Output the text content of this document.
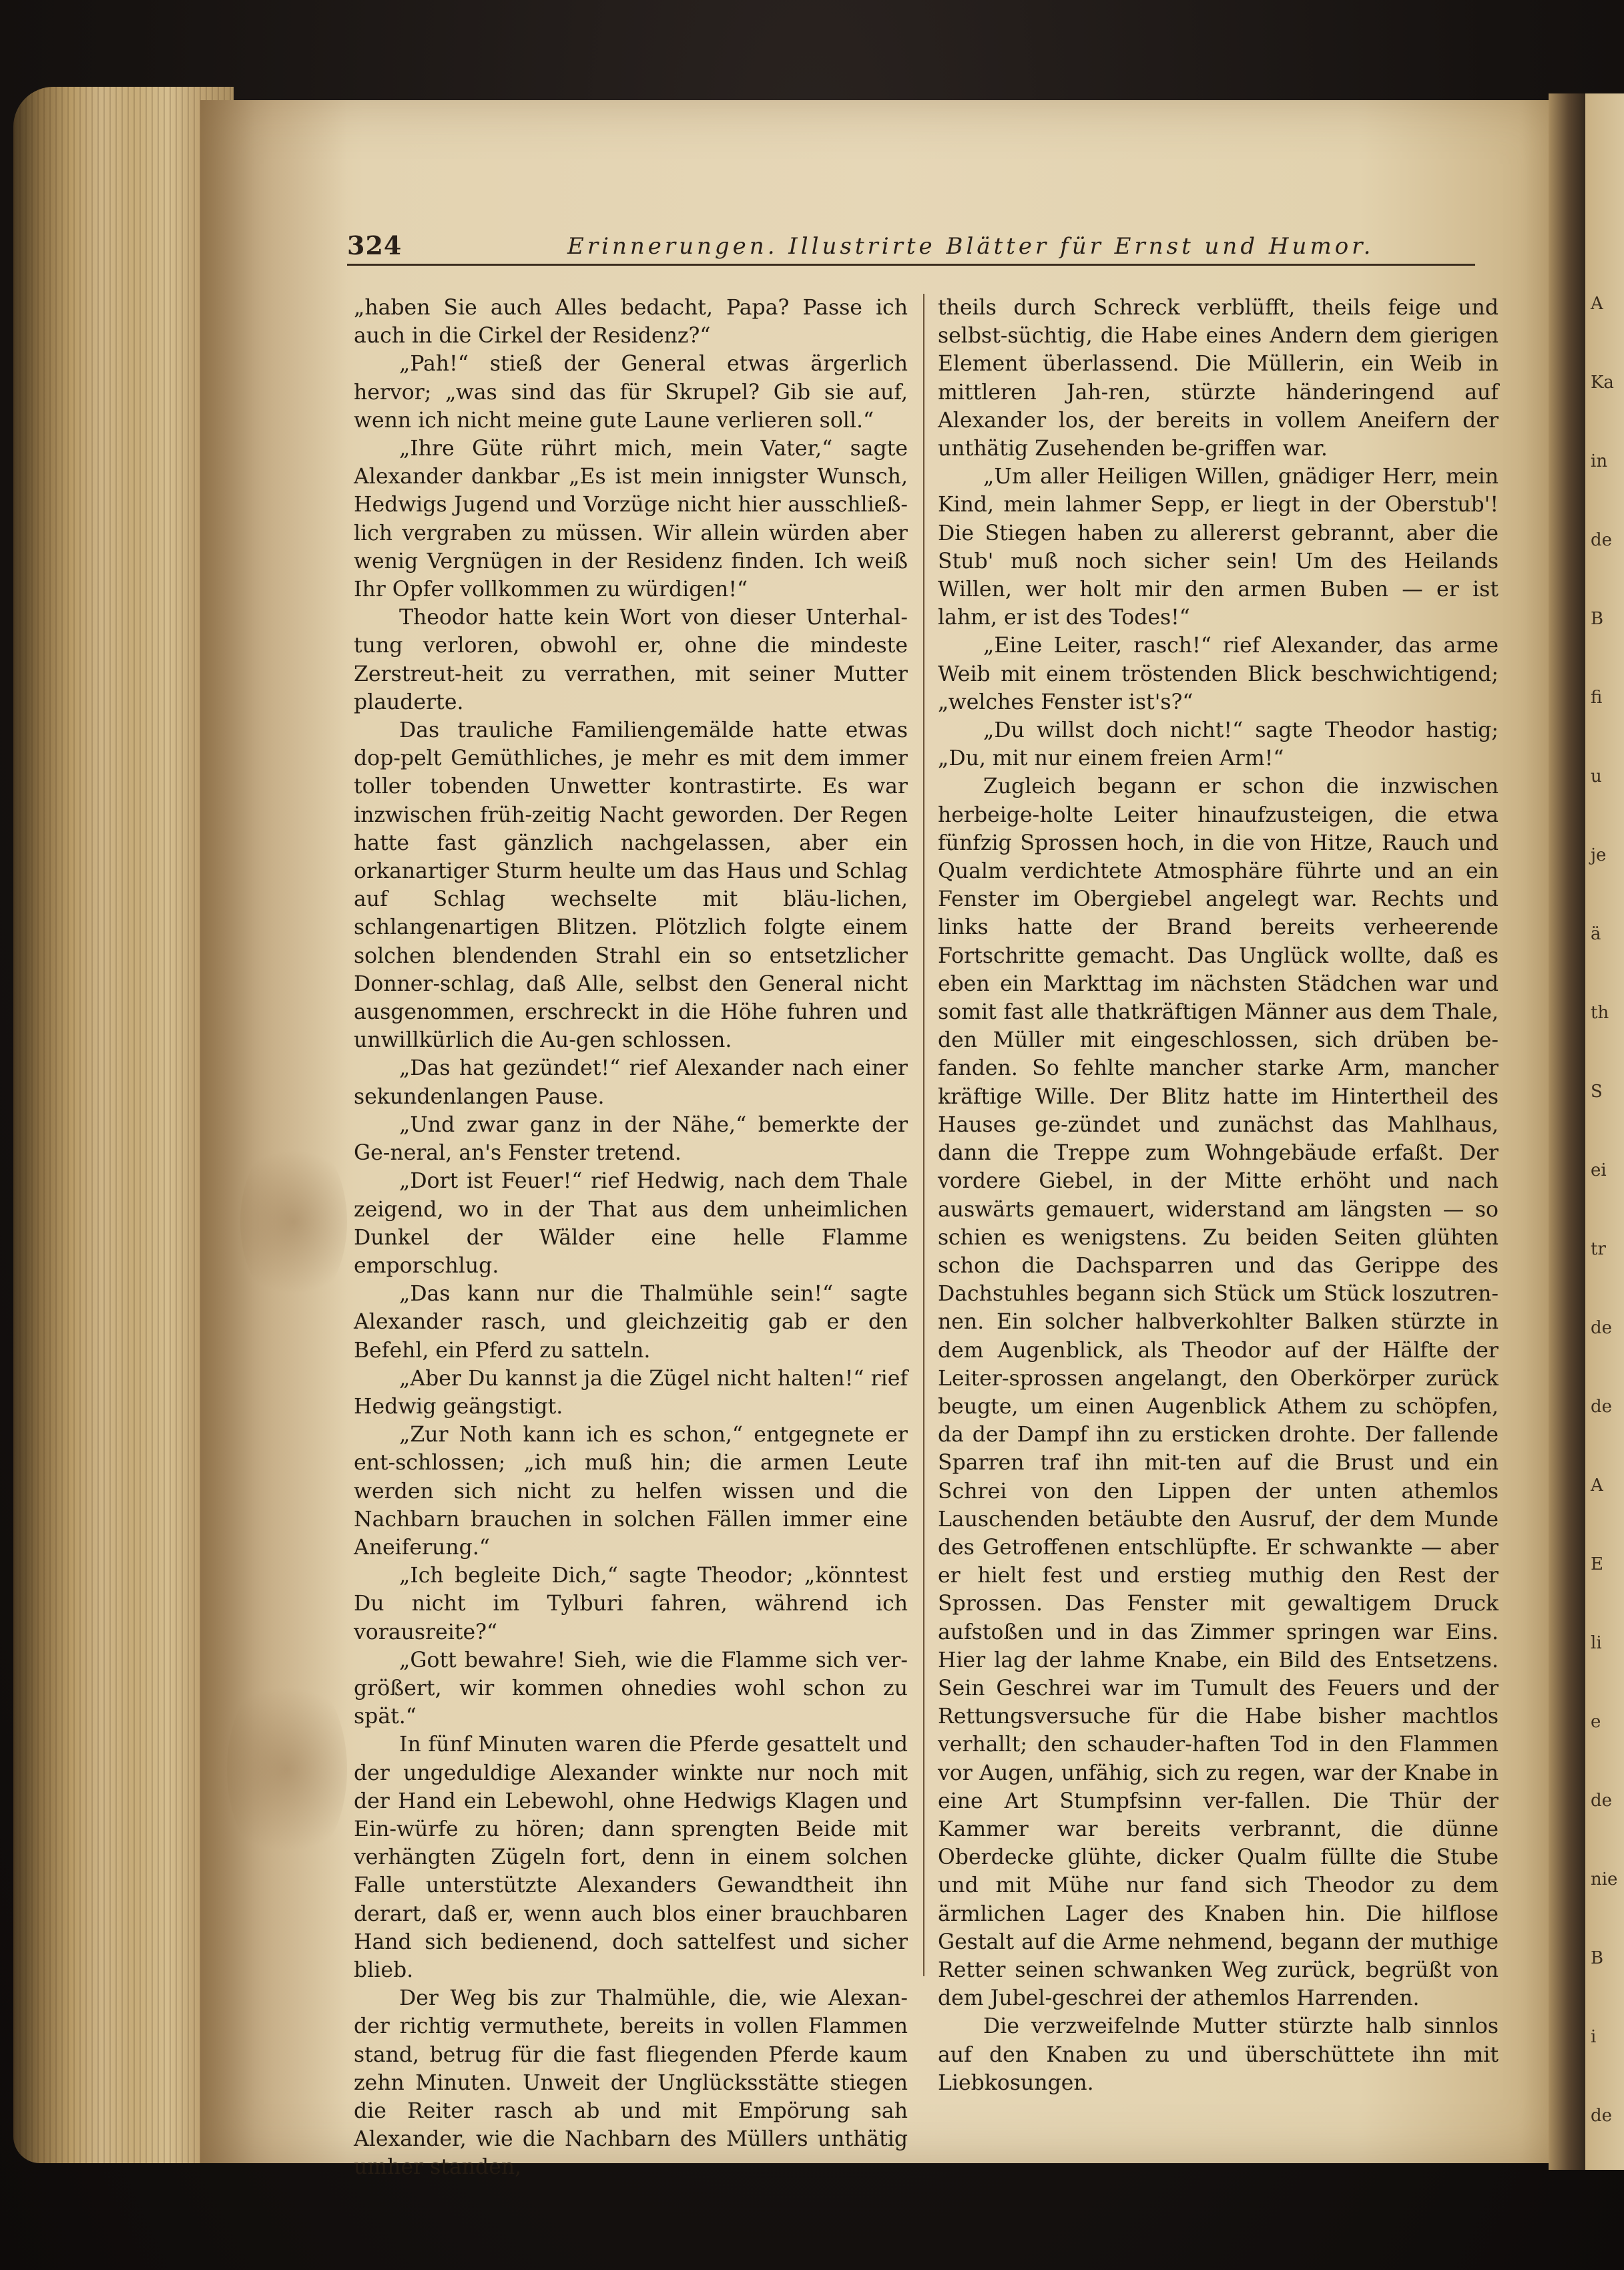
A
Ka
in
de
B
fi
u
je
ä
th
S
ei
tr
de
de
A
E
li
e
de
nie
B
i
de
324	Erinnerungen. Illustrirte Blätter für Ernst und Humor.

„haben Sie auch Alles bedacht, Papa? Passe ich auch in die Cirkel der Residenz?“

„Pah!“ stieß der General etwas ärgerlich hervor; „was sind das für Skrupel? Gib sie auf, wenn ich nicht meine gute Laune verlieren soll.“

„Ihre Güte rührt mich, mein Vater,“ sagte Alexander dankbar „Es ist mein innigster Wunsch, Hedwigs Jugend und Vorzüge nicht hier ausschließ-lich vergraben zu müssen. Wir allein würden aber wenig Vergnügen in der Residenz finden. Ich weiß Ihr Opfer vollkommen zu würdigen!“

Theodor hatte kein Wort von dieser Unterhal-tung verloren, obwohl er, ohne die mindeste Zerstreut-heit zu verrathen, mit seiner Mutter plauderte.

Das trauliche Familiengemälde hatte etwas dop-pelt Gemüthliches, je mehr es mit dem immer toller tobenden Unwetter kontrastirte. Es war inzwischen früh-zeitig Nacht geworden. Der Regen hatte fast gänzlich nachgelassen, aber ein orkanartiger Sturm heulte um das Haus und Schlag auf Schlag wechselte mit bläu-lichen, schlangenartigen Blitzen. Plötzlich folgte einem solchen blendenden Strahl ein so entsetzlicher Donner-schlag, daß Alle, selbst den General nicht ausgenommen, erschreckt in die Höhe fuhren und unwillkürlich die Au-gen schlossen.

„Das hat gezündet!“ rief Alexander nach einer sekundenlangen Pause.

„Und zwar ganz in der Nähe,“ bemerkte der Ge-neral, an's Fenster tretend.

„Dort ist Feuer!“ rief Hedwig, nach dem Thale zeigend, wo in der That aus dem unheimlichen Dunkel der Wälder eine helle Flamme emporschlug.

„Das kann nur die Thalmühle sein!“ sagte Alexander rasch, und gleichzeitig gab er den Befehl, ein Pferd zu satteln.

„Aber Du kannst ja die Zügel nicht halten!“ rief Hedwig geängstigt.

„Zur Noth kann ich es schon,“ entgegnete er ent-schlossen; „ich muß hin; die armen Leute werden sich nicht zu helfen wissen und die Nachbarn brauchen in solchen Fällen immer eine Aneiferung.“

„Ich begleite Dich,“ sagte Theodor; „könntest Du nicht im Tylburi fahren, während ich vorausreite?“

„Gott bewahre! Sieh, wie die Flamme sich ver-größert, wir kommen ohnedies wohl schon zu spät.“

In fünf Minuten waren die Pferde gesattelt und der ungeduldige Alexander winkte nur noch mit der Hand ein Lebewohl, ohne Hedwigs Klagen und Ein-würfe zu hören; dann sprengten Beide mit verhängten Zügeln fort, denn in einem solchen Falle unterstützte Alexanders Gewandtheit ihn derart, daß er, wenn auch blos einer brauchbaren Hand sich bedienend, doch sattelfest und sicher blieb.

Der Weg bis zur Thalmühle, die, wie Alexan-der richtig vermuthete, bereits in vollen Flammen stand, betrug für die fast fliegenden Pferde kaum zehn Minuten. Unweit der Unglücksstätte stiegen die Reiter rasch ab und mit Empörung sah Alexander, wie die Nachbarn des Müllers unthätig umher standen,

theils durch Schreck verblüfft, theils feige und selbst-süchtig, die Habe eines Andern dem gierigen Element überlassend. Die Müllerin, ein Weib in mittleren Jah-ren, stürzte händeringend auf Alexander los, der bereits in vollem Aneifern der unthätig Zusehenden be-griffen war.

„Um aller Heiligen Willen, gnädiger Herr, mein Kind, mein lahmer Sepp, er liegt in der Oberstub'! Die Stiegen haben zu allererst gebrannt, aber die Stub' muß noch sicher sein! Um des Heilands Willen, wer holt mir den armen Buben — er ist lahm, er ist des Todes!“

„Eine Leiter, rasch!“ rief Alexander, das arme Weib mit einem tröstenden Blick beschwichtigend; „welches Fenster ist's?“

„Du willst doch nicht!“ sagte Theodor hastig; „Du, mit nur einem freien Arm!“

Zugleich begann er schon die inzwischen herbeige-holte Leiter hinaufzusteigen, die etwa fünfzig Sprossen hoch, in die von Hitze, Rauch und Qualm verdichtete Atmosphäre führte und an ein Fenster im Obergiebel angelegt war. Rechts und links hatte der Brand bereits verheerende Fortschritte gemacht. Das Unglück wollte, daß es eben ein Markttag im nächsten Städchen war und somit fast alle thatkräftigen Männer aus dem Thale, den Müller mit eingeschlossen, sich drüben be-fanden. So fehlte mancher starke Arm, mancher kräftige Wille. Der Blitz hatte im Hintertheil des Hauses ge-zündet und zunächst das Mahlhaus, dann die Treppe zum Wohngebäude erfaßt. Der vordere Giebel, in der Mitte erhöht und nach auswärts gemauert, widerstand am längsten — so schien es wenigstens. Zu beiden Seiten glühten schon die Dachsparren und das Gerippe des Dachstuhles begann sich Stück um Stück loszutren-nen. Ein solcher halbverkohlter Balken stürzte in dem Augenblick, als Theodor auf der Hälfte der Leiter-sprossen angelangt, den Oberkörper zurück beugte, um einen Augenblick Athem zu schöpfen, da der Dampf ihn zu ersticken drohte. Der fallende Sparren traf ihn mit-ten auf die Brust und ein Schrei von den Lippen der unten athemlos Lauschenden betäubte den Ausruf, der dem Munde des Getroffenen entschlüpfte. Er schwankte — aber er hielt fest und erstieg muthig den Rest der Sprossen. Das Fenster mit gewaltigem Druck aufstoßen und in das Zimmer springen war Eins. Hier lag der lahme Knabe, ein Bild des Entsetzens. Sein Geschrei war im Tumult des Feuers und der Rettungsversuche für die Habe bisher machtlos verhallt; den schauder-haften Tod in den Flammen vor Augen, unfähig, sich zu regen, war der Knabe in eine Art Stumpfsinn ver-fallen. Die Thür der Kammer war bereits verbrannt, die dünne Oberdecke glühte, dicker Qualm füllte die Stube und mit Mühe nur fand sich Theodor zu dem ärmlichen Lager des Knaben hin. Die hilflose Gestalt auf die Arme nehmend, begann der muthige Retter seinen schwanken Weg zurück, begrüßt von dem Jubel-geschrei der athemlos Harrenden.

Die verzweifelnde Mutter stürzte halb sinnlos auf den Knaben zu und überschüttete ihn mit Liebkosungen.
